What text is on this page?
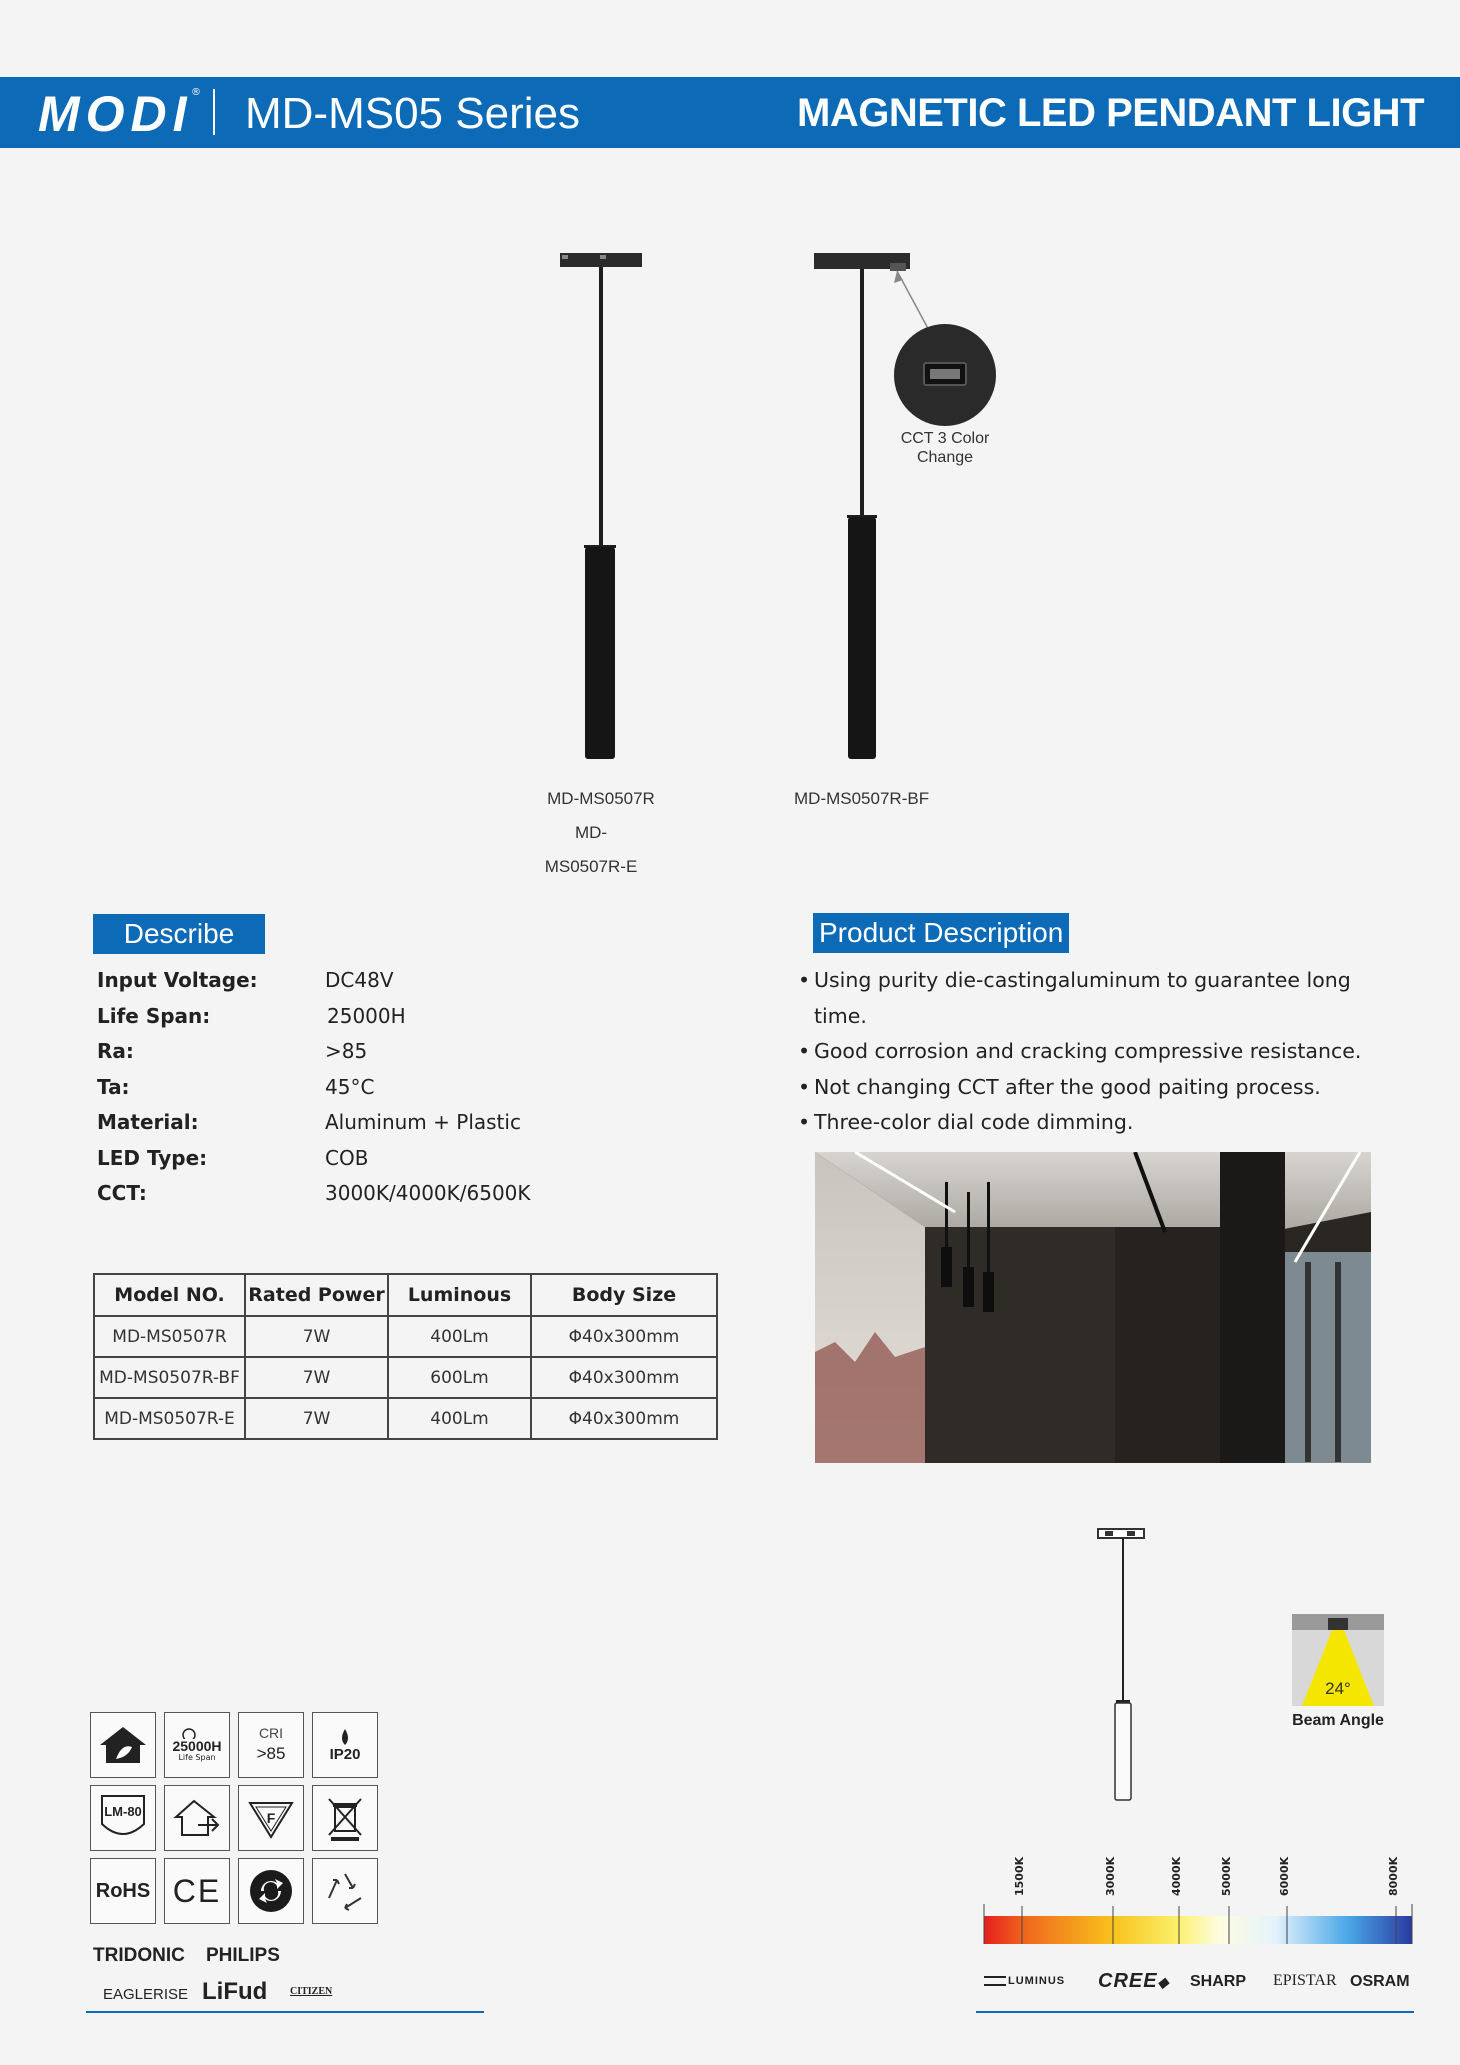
MODI
® MD-MS05 Series	MAGNETIC LED PENDANT LIGHT
MD-MS0507R
MD-MS0507R-E
MD-MS0507R-BF
CCT 3 Color
Change
Describe
Input Voltage:	DC48V
Life Span:	25000H
Ra:	>85
Ta:	45°C
Material:	Aluminum + Plastic
LED Type:	COB
CCT:	3000K/4000K/6500K
Product Description
• Using purity die-castingaluminum to guarantee long time.
• Good corrosion and cracking compressive resistance.
• Not changing CCT after the good paiting process.
• Three-color dial code dimming.
Model NO.	Rated Power	Luminous	Body Size
MD-MS0507R	7W	400Lm	Φ40x300mm
MD-MS0507R-BF	7W	600Lm	Φ40x300mm
MD-MS0507R-E	7W	400Lm	Φ40x300mm
24°
Beam Angle
25000H
Life Span
CRI
>85	IP20
LM-80	F
RoHS CE
TRIDONIC PHILIPS
EAGLERISE LiFud CITIZEN
1500K	3000K	4000K	5000K	6000K	8000K
LUMINUS CREE◆ SHARP EPISTAR OSRAM
